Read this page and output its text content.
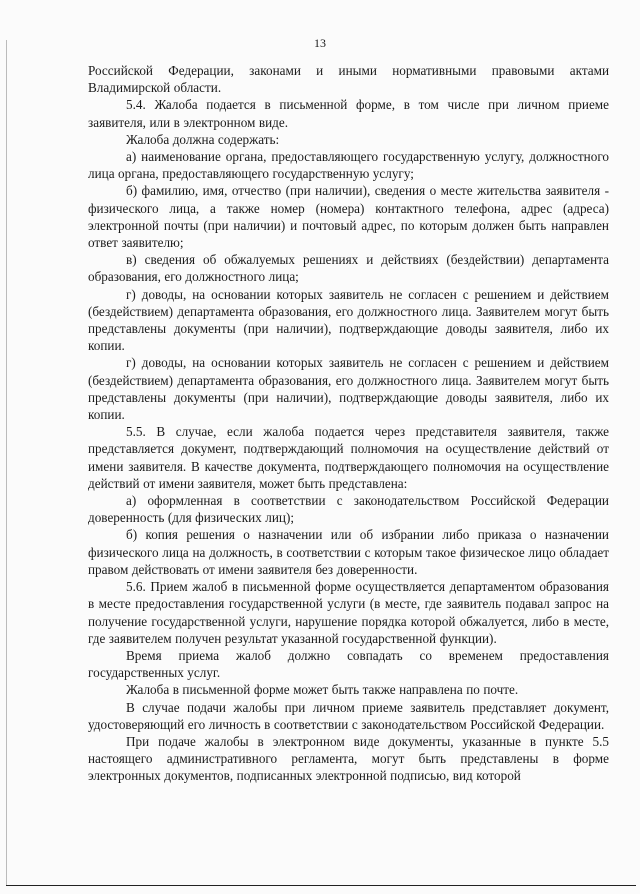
13

Российской Федерации, законами и иными нормативными правовыми актами Владимирской области.

5.4. Жалоба подается в письменной форме, в том числе при личном приеме заявителя, или в электронном виде.

Жалоба должна содержать:

а) наименование органа, предоставляющего государственную услугу, должностного лица органа, предоставляющего государственную услугу;

б) фамилию, имя, отчество (при наличии), сведения о месте жительства заявителя - физического лица, а также номер (номера) контактного телефона, адрес (адреса) электронной почты (при наличии) и почтовый адрес, по которым должен быть направлен ответ заявителю;

в) сведения об обжалуемых решениях и действиях (бездействии) департамента образования, его должностного лица;

г) доводы, на основании которых заявитель не согласен с решением и действием (бездействием) департамента образования, его должностного лица. Заявителем могут быть представлены документы (при наличии), подтверждающие доводы заявителя, либо их копии.

г) доводы, на основании которых заявитель не согласен с решением и действием (бездействием) департамента образования, его должностного лица. Заявителем могут быть представлены документы (при наличии), подтверждающие доводы заявителя, либо их копии.

5.5. В случае, если жалоба подается через представителя заявителя, также представляется документ, подтверждающий полномочия на осуществление действий от имени заявителя. В качестве документа, подтверждающего полномочия на осуществление действий от имени заявителя, может быть представлена:

а) оформленная в соответствии с законодательством Российской Федерации доверенность (для физических лиц);

б) копия решения о назначении или об избрании либо приказа о назначении физического лица на должность, в соответствии с которым такое физическое лицо обладает правом действовать от имени заявителя без доверенности.

5.6. Прием жалоб в письменной форме осуществляется департаментом образования в месте предоставления государственной услуги (в месте, где заявитель подавал запрос на получение государственной услуги, нарушение порядка которой обжалуется, либо в месте, где заявителем получен результат указанной государственной функции).

Время приема жалоб должно совпадать со временем предоставления государственных услуг.

Жалоба в письменной форме может быть также направлена по почте.

В случае подачи жалобы при личном приеме заявитель представляет документ, удостоверяющий его личность в соответствии с законодательством Российской Федерации.

При подаче жалобы в электронном виде документы, указанные в пункте 5.5 настоящего административного регламента, могут быть представлены в форме электронных документов, подписанных электронной подписью, вид которой
